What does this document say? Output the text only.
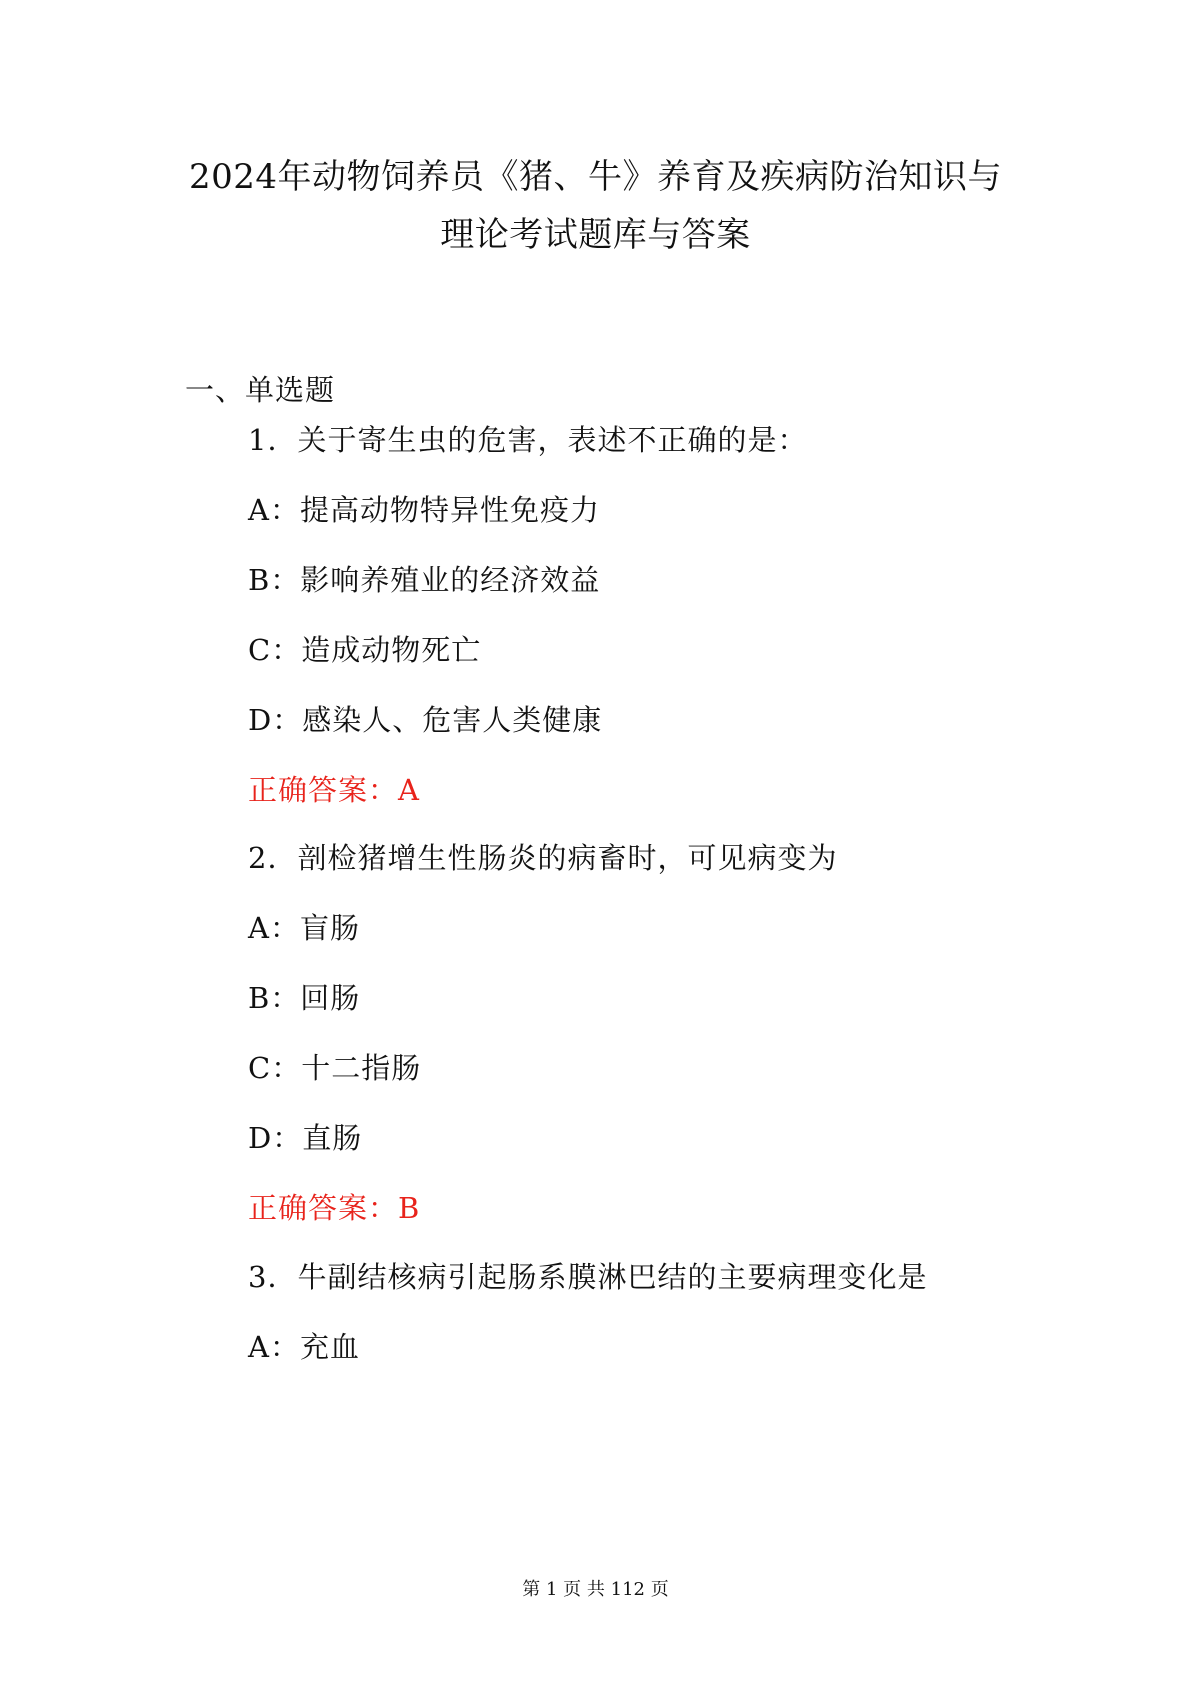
2024年动物饲养员《猪、牛》养育及疾病防治知识与
理论考试题库与答案
一、单选题
1．关于寄生虫的危害，表述不正确的是：
A：提高动物特异性免疫力
B：影响养殖业的经济效益
C：造成动物死亡
D：感染人、危害人类健康
正确答案：A
2．剖检猪增生性肠炎的病畜时，可见病变为
A：盲肠
B：回肠
C：十二指肠
D：直肠
正确答案：B
3．牛副结核病引起肠系膜淋巴结的主要病理变化是
A：充血
第 1 页 共 112 页
